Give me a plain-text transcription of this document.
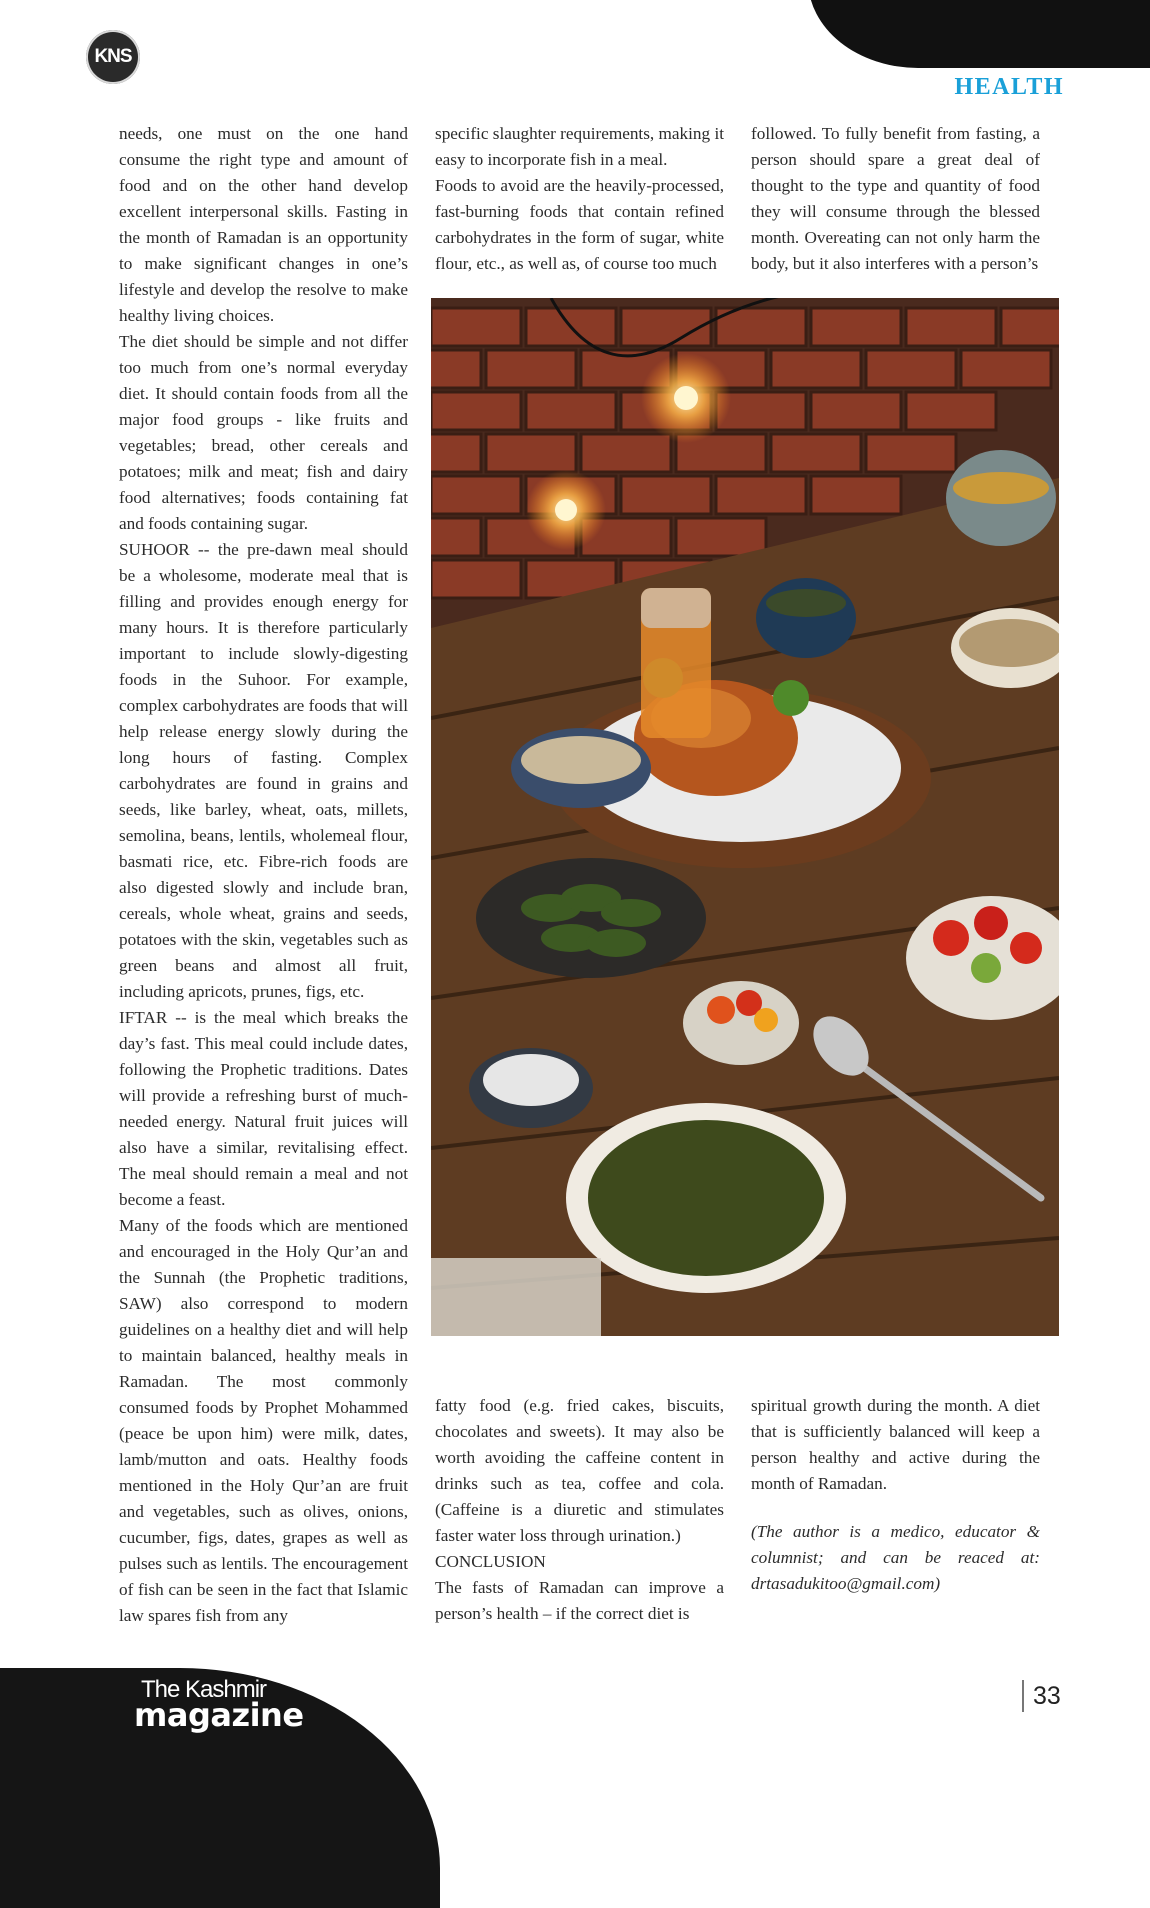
KNS
HEALTH

needs, one must on the one hand consume the right type and amount of food and on the other hand develop excellent interpersonal skills. Fasting in the month of Ramadan is an opportunity to make significant changes in one’s lifestyle and develop the resolve to make healthy living choices.

The diet should be simple and not differ too much from one’s normal everyday diet. It should contain foods from all the major food groups - like fruits and vegetables; bread, other cereals and potatoes; milk and meat; fish and dairy food alternatives; foods containing fat and foods containing sugar.

SUHOOR -- the pre-dawn meal should be a wholesome, moderate meal that is filling and provides enough energy for many hours. It is therefore particularly important to include slowly-digesting foods in the Suhoor. For example, complex carbohydrates are foods that will help release energy slowly during the long hours of fasting. Complex carbohydrates are found in grains and seeds, like barley, wheat, oats, millets, semolina, beans, lentils, wholemeal flour, basmati rice, etc. Fibre-rich foods are also digested slowly and include bran, cereals, whole wheat, grains and seeds, potatoes with the skin, vegetables such as green beans and almost all fruit, including apricots, prunes, figs, etc.

IFTAR -- is the meal which breaks the day’s fast. This meal could include dates, following the Prophetic traditions. Dates will provide a refreshing burst of much-needed energy. Natural fruit juices will also have a similar, revitalising effect. The meal should remain a meal and not become a feast.

Many of the foods which are mentioned and encouraged in the Holy Qur’an and the Sunnah (the Prophetic traditions, SAW) also correspond to modern guidelines on a healthy diet and will help to maintain balanced, healthy meals in Ramadan. The most commonly consumed foods by Prophet Mohammed (peace be upon him) were milk, dates, lamb/mutton and oats. Healthy foods mentioned in the Holy Qur’an are fruit and vegetables, such as olives, onions, cucumber, figs, dates, grapes as well as pulses such as lentils. The encouragement of fish can be seen in the fact that Islamic law spares fish from any

specific slaughter requirements, making it easy to incorporate fish in a meal.

Foods to avoid are the heavily-processed, fast-burning foods that contain refined carbohydrates in the form of sugar, white flour, etc., as well as, of course too much

followed. To fully benefit from fasting, a person should spare a great deal of thought to the type and quantity of food they will consume through the blessed month. Overeating can not only harm the body, but it also interferes with a person’s

fatty food (e.g. fried cakes, biscuits, chocolates and sweets). It may also be worth avoiding the caffeine content in drinks such as tea, coffee and cola. (Caffeine is a diuretic and stimulates faster water loss through urination.)

CONCLUSION

The fasts of Ramadan can improve a person’s health – if the correct diet is

spiritual growth during the month. A diet that is sufficiently balanced will keep a person healthy and active during the month of Ramadan.

(The author is a medico, educator & columnist; and can be reaced at: drtasadukitoo@gmail.com)

The Kashmir
magazine	33
